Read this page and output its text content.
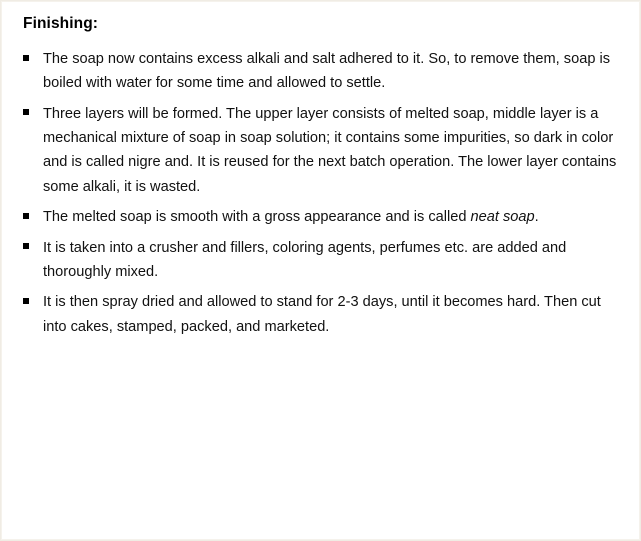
Finishing:
The soap now contains excess alkali and salt adhered to it. So, to remove them, soap is boiled with water for some time and allowed to settle.
Three layers will be formed. The upper layer consists of melted soap, middle layer is a mechanical mixture of soap in soap solution; it contains some impurities, so dark in color and is called nigre and. It is reused for the next batch operation. The lower layer contains some alkali, it is wasted.
The melted soap is smooth with a gross appearance and is called neat soap.
It is taken into a crusher and fillers, coloring agents, perfumes etc. are added and thoroughly mixed.
It is then spray dried and allowed to stand for 2-3 days, until it becomes hard. Then cut into cakes, stamped, packed, and marketed.
